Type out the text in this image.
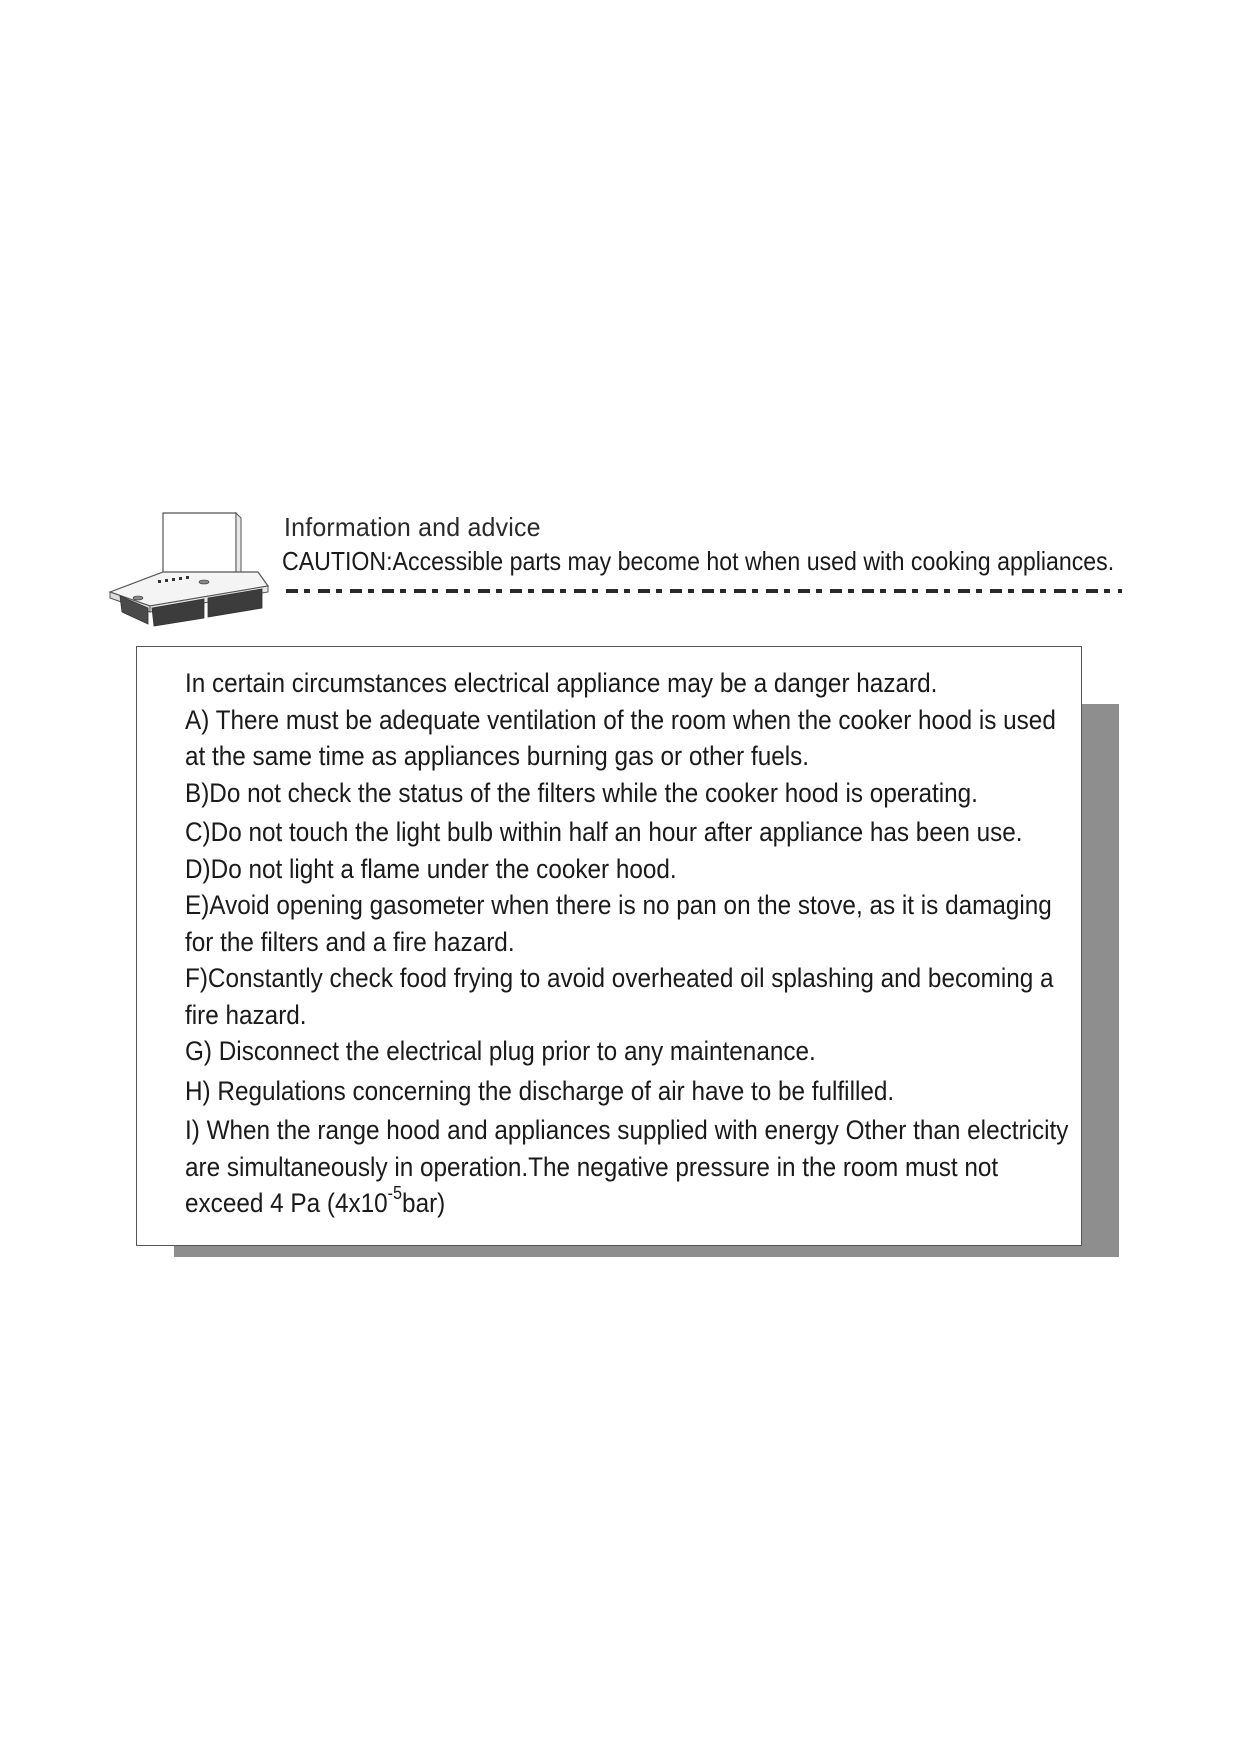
Information and advice
CAUTION:Accessible parts may become hot when used with cooking appliances.

In certain circumstances electrical appliance may be a danger hazard.

A) There must be adequate ventilation of the room when the cooker hood is used

at the same time as appliances burning gas or other fuels.

B)Do not check the status of the filters while the cooker hood is operating.

C)Do not touch the light bulb within half an hour after appliance has been use.

D)Do not light a flame under the cooker hood.

E)Avoid opening gasometer when there is no pan on the stove, as it is damaging

for the filters and a fire hazard.

F)Constantly check food frying to avoid overheated oil splashing and becoming a

fire hazard.

G) Disconnect the electrical plug prior to any maintenance.

H) Regulations concerning the discharge of air have to be fulfilled.

I) When the range hood and appliances supplied with energy Other than electricity

are simultaneously in operation.The negative pressure in the room must not

exceed 4 Pa $(4x10^{-5}bar)$
